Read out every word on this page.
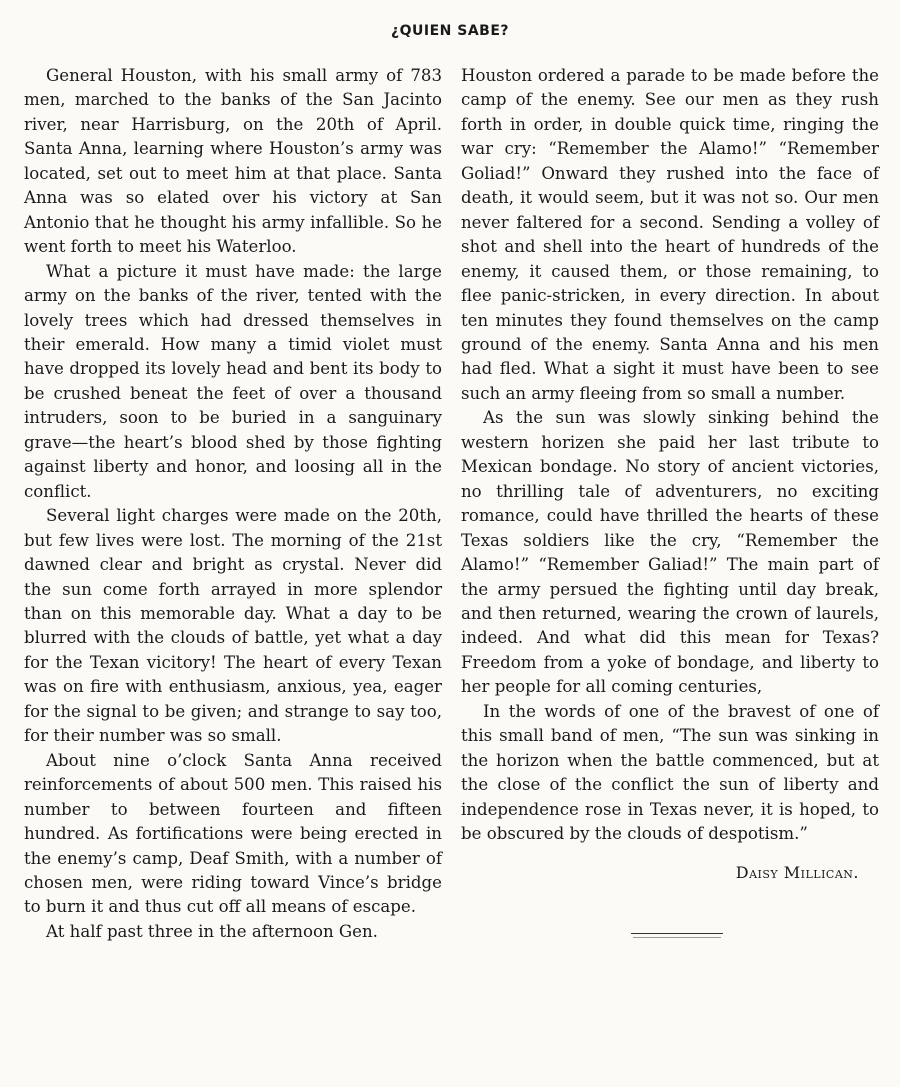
¿QUIEN SABE?

General Houston, with his small army of 783 men, marched to the banks of the San Jacinto river, near Harrisburg, on the 20th of April. Santa Anna, learning where Houston’s army was located, set out to meet him at that place. Santa Anna was so elated over his victory at San Antonio that he thought his army infallible. So he went forth to meet his Waterloo.

What a picture it must have made: the large army on the banks of the river, tented with the lovely trees which had dressed themselves in their emerald. How many a timid violet must have dropped its lovely head and bent its body to be crushed beneat the feet of over a thousand intruders, soon to be buried in a sanguinary grave—the heart’s blood shed by those fighting against liberty and honor, and loosing all in the conflict.

Several light charges were made on the 20th, but few lives were lost. The morning of the 21st dawned clear and bright as crystal. Never did the sun come forth arrayed in more splendor than on this memorable day. What a day to be blurred with the clouds of battle, yet what a day for the Texan vicitory! The heart of every Texan was on fire with enthusiasm, anxious, yea, eager for the signal to be given; and strange to say too, for their number was so small.

About nine o’clock Santa Anna received reinforcements of about 500 men. This raised his number to between fourteen and fifteen hundred. As fortifications were being erected in the enemy’s camp, Deaf Smith, with a number of chosen men, were riding toward Vince’s bridge to burn it and thus cut off all means of escape.

At half past three in the afternoon Gen.

Houston ordered a parade to be made before the camp of the enemy. See our men as they rush forth in order, in double quick time, ringing the war cry: “Remember the Alamo!” “Remember Goliad!” Onward they rushed into the face of death, it would seem, but it was not so. Our men never faltered for a second. Sending a volley of shot and shell into the heart of hundreds of the enemy, it caused them, or those remaining, to flee panic-stricken, in every direction. In about ten minutes they found themselves on the camp ground of the enemy. Santa Anna and his men had fled. What a sight it must have been to see such an army fleeing from so small a number.

As the sun was slowly sinking behind the western horizen she paid her last tribute to Mexican bondage. No story of ancient victories, no thrilling tale of adventurers, no exciting romance, could have thrilled the hearts of these Texas soldiers like the cry, “Remember the Alamo!” “Remember Galiad!” The main part of the army persued the fighting until day break, and then returned, wearing the crown of laurels, indeed. And what did this mean for Texas? Freedom from a yoke of bondage, and liberty to her people for all coming centuries,

In the words of one of the bravest of one of this small band of men, “The sun was sinking in the horizon when the battle commenced, but at the close of the conflict the sun of liberty and independence rose in Texas never, it is hoped, to be obscured by the clouds of despotism.”

Daisy Millican.
